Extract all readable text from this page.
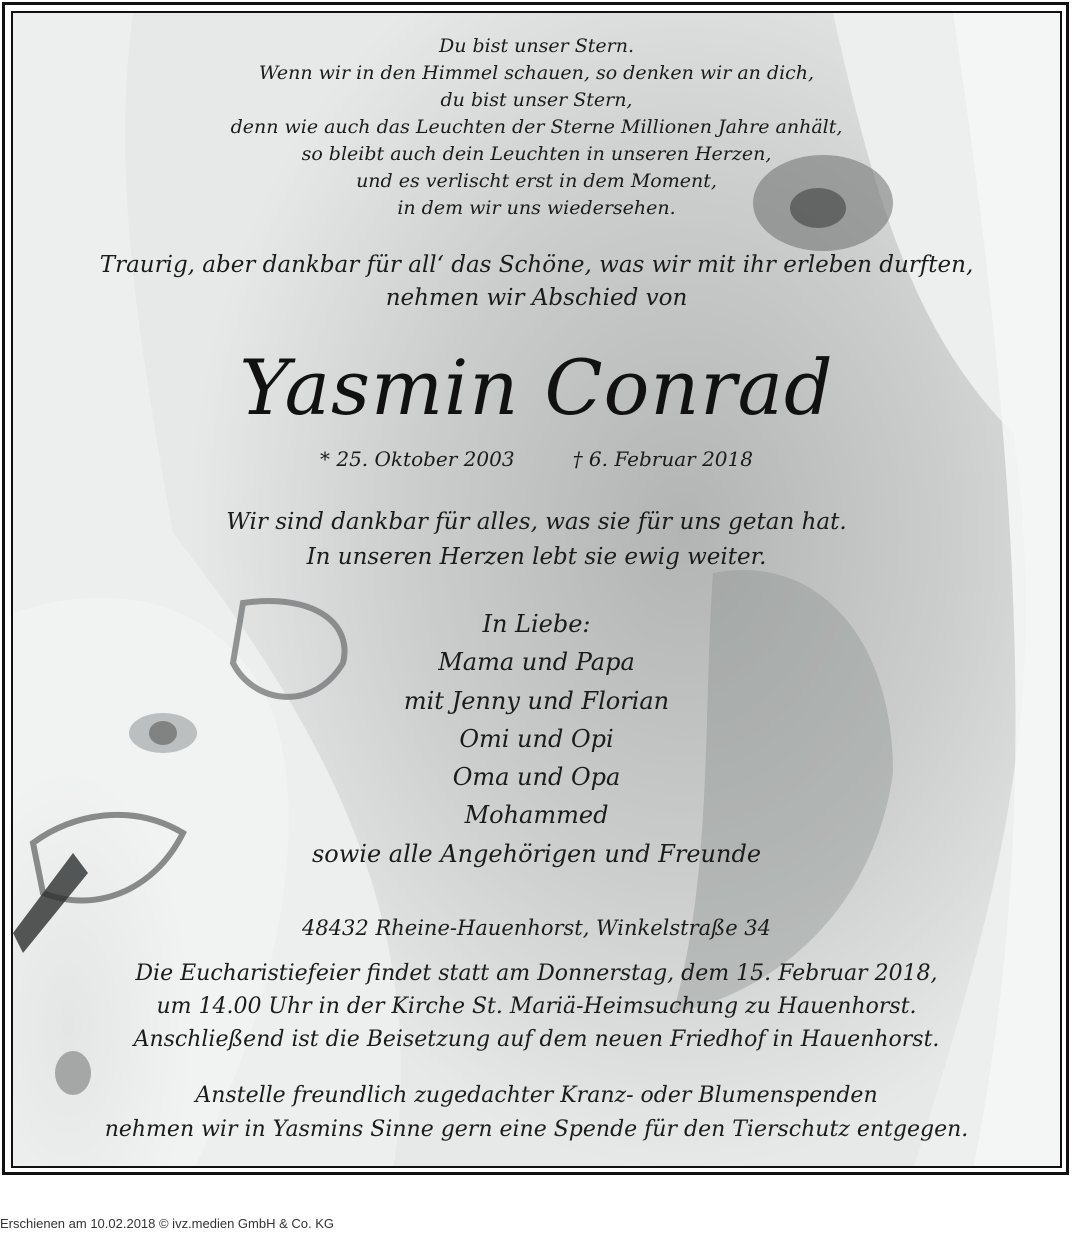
Du bist unser Stern.
Wenn wir in den Himmel schauen, so denken wir an dich,
du bist unser Stern,
denn wie auch das Leuchten der Sterne Millionen Jahre anhält,
so bleibt auch dein Leuchten in unseren Herzen,
und es verlischt erst in dem Moment,
in dem wir uns wiedersehen.
Traurig, aber dankbar für all‘ das Schöne, was wir mit ihr erleben durften,
nehmen wir Abschied von
Yasmin Conrad
* 25. Oktober 2003	† 6. Februar 2018
Wir sind dankbar für alles, was sie für uns getan hat.
In unseren Herzen lebt sie ewig weiter.
In Liebe:
Mama und Papa
mit Jenny und Florian
Omi und Opi
Oma und Opa
Mohammed
sowie alle Angehörigen und Freunde
48432 Rheine-Hauenhorst, Winkelstraße 34
Die Eucharistiefeier findet statt am Donnerstag, dem 15. Februar 2018,
um 14.00 Uhr in der Kirche St. Mariä-Heimsuchung zu Hauenhorst.
Anschließend ist die Beisetzung auf dem neuen Friedhof in Hauenhorst.
Anstelle freundlich zugedachter Kranz- oder Blumenspenden
nehmen wir in Yasmins Sinne gern eine Spende für den Tierschutz entgegen.
Erschienen am 10.02.2018 © ivz.medien GmbH & Co. KG
